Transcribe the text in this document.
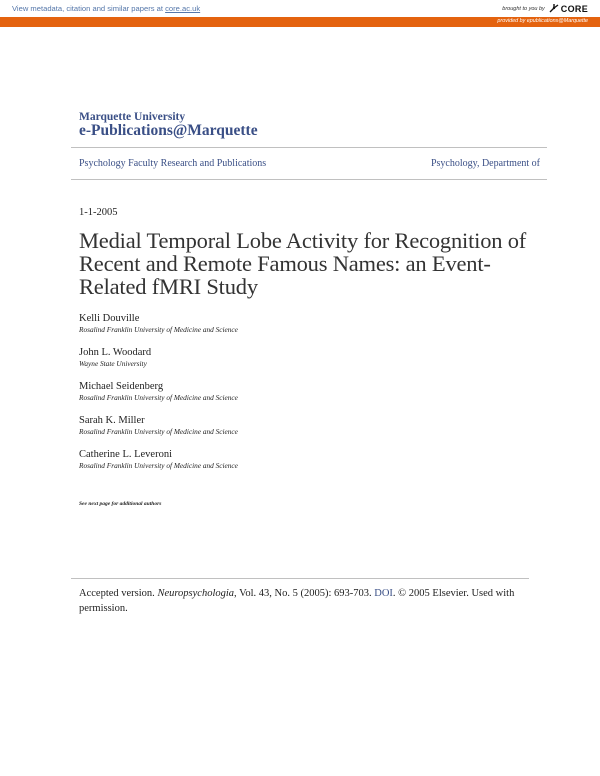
View metadata, citation and similar papers at core.ac.uk	brought to you by CORE
provided by epublications@Marquette
Marquette University
e-Publications@Marquette
Psychology Faculty Research and Publications	Psychology, Department of
1-1-2005
Medial Temporal Lobe Activity for Recognition of Recent and Remote Famous Names: an Event-Related fMRI Study
Kelli Douville
Rosalind Franklin University of Medicine and Science
John L. Woodard
Wayne State University
Michael Seidenberg
Rosalind Franklin University of Medicine and Science
Sarah K. Miller
Rosalind Franklin University of Medicine and Science
Catherine L. Leveroni
Rosalind Franklin University of Medicine and Science
See next page for additional authors
Accepted version. Neuropsychologia, Vol. 43, No. 5 (2005): 693-703. DOI. © 2005 Elsevier. Used with permission.
